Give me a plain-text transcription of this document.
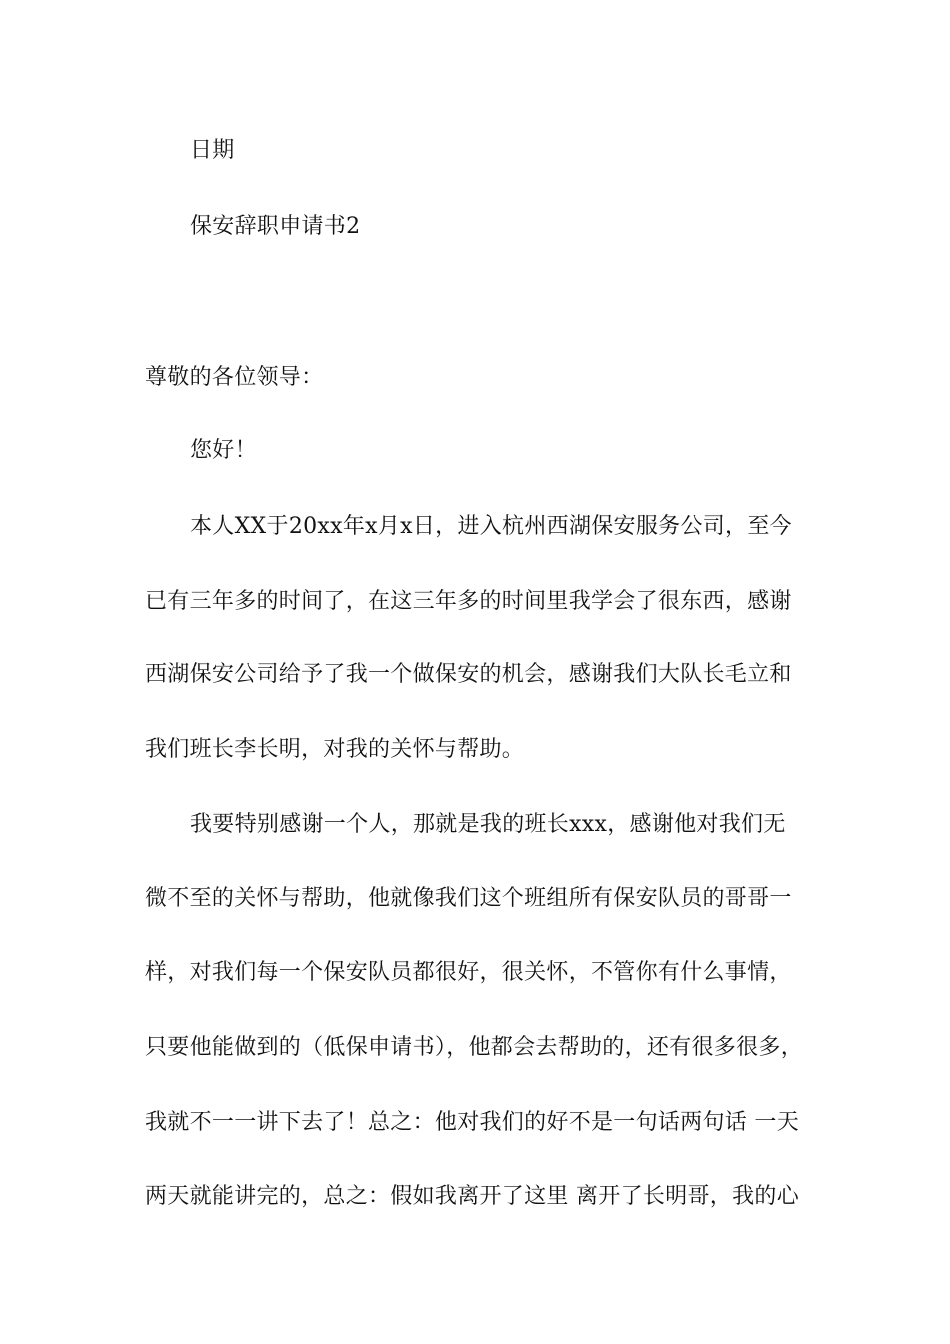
日期
保安辞职申请书2
尊敬的各位领导：
您好！
本人XX于20xx年x月x日，进入杭州西湖保安服务公司，至今
已有三年多的时间了，在这三年多的时间里我学会了很东西，感谢
西湖保安公司给予了我一个做保安的机会，感谢我们大队长毛立和
我们班长李长明，对我的关怀与帮助。
我要特别感谢一个人，那就是我的班长xxx，感谢他对我们无
微不至的关怀与帮助，他就像我们这个班组所有保安队员的哥哥一
样，对我们每一个保安队员都很好，很关怀，不管你有什么事情，
只要他能做到的（低保申请书），他都会去帮助的，还有很多很多，
我就不一一讲下去了！总之：他对我们的好不是一句话两句话 一天
两天就能讲完的，总之：假如我离开了这里 离开了长明哥，我的心
